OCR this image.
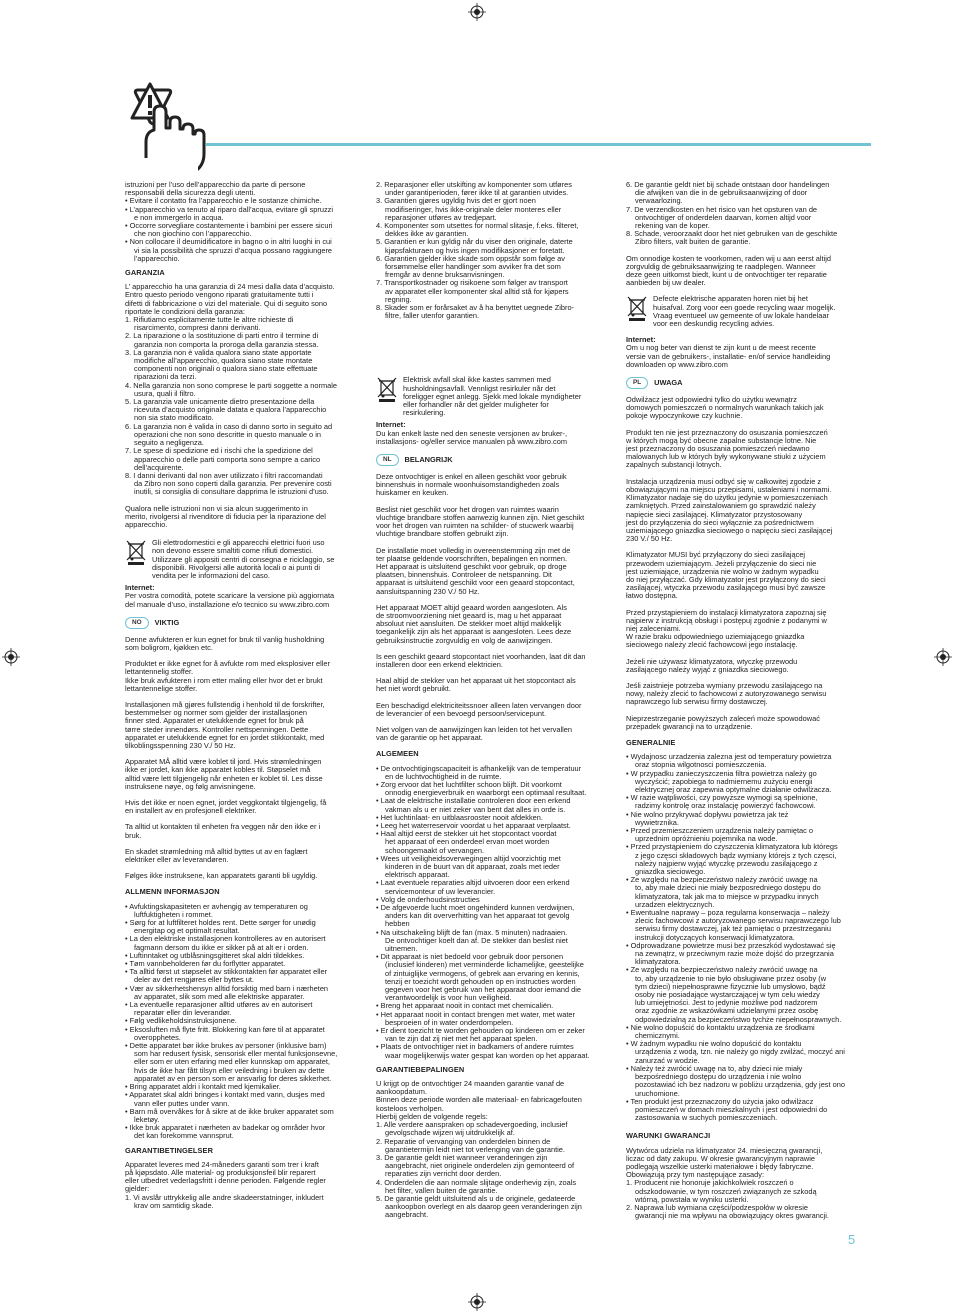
istruzioni per l’uso dell’apparecchio da parte di persone
responsabili della sicurezza degli utenti.
• Evitare il contatto fra l’apparecchio e le sostanze chimiche.
• L’apparecchio va tenuto al riparo dall’acqua, evitare gli spruzzi
e non immergerlo in acqua.
• Occorre sorvegliare costantemente i bambini per essere sicuri
che non giochino con l’apparecchio.
• Non collocare il deumidificatore in bagno o in altri luoghi in cui
vi sia la possibilità che spruzzi d’acqua possano raggiungere
l’apparecchio.
GARANZIA

L’ apparecchio ha una garanzia di 24 mesi dalla data d’acquisto.
Entro questo periodo vengono riparati gratuitamente tutti i
difetti di fabbricazione o vizi del materiale. Qui di seguito sono
riportate le condizioni della garanzia:

1. Rifiutiamo esplicitamente tutte le altre richieste di
risarcimento, compresi danni derivanti.
2. La riparazione o la sostituzione di parti entro il termine di
garanzia non comporta la proroga della garanzia stessa.
3. La garanzia non è valida qualora siano state apportate
modifiche all’apparecchio, qualora siano state montate
componenti non originali o qualora siano state effettuate
riparazioni da terzi.
4. Nella garanzia non sono comprese le parti soggette a normale
usura, quali il filtro.
5. La garanzia vale unicamente dietro presentazione della
ricevuta d’acquisto originale datata e qualora l’apparecchio
non sia stato modificato.
6. La garanzia non è valida in caso di danno sorto in seguito ad
operazioni che non sono descritte in questo manuale o in
seguito a negligenza.
7. Le spese di spedizione ed i rischi che la spedizione del
apparecchio o delle parti comporta sono sempre a carico
dell’acquirente.
8. I danni derivanti dal non aver utilizzato i filtri raccomandati
da Zibro non sono coperti dalla garanzia. Per prevenire costi
inutili, si consiglia di consultare dapprima le istruzioni d’uso.

Qualora nelle istruzioni non vi sia alcun suggerimento in
merito, rivolgersi al rivenditore di fiducia per la riparazione del
apparecchio.

Gli elettrodomestici e gli apparecchi elettrici fuori uso
non devono essere smaltiti come rifiuti domestici.
Utilizzare gli appositi centri di consegna e riciclaggio, se
disponibili. Rivolgersi alle autorità locali o ai punti di
vendita per le informazioni del caso.
Internet:

Per vostra comodità, potete scaricare la versione più aggiornata
del manuale d’uso, installazione e/o tecnico su www.zibro.com

NO	VIKTIG

Denne avfukteren er kun egnet for bruk til vanlig husholdning
som boligrom, kjøkken etc.

Produktet er ikke egnet for å avfukte rom med eksplosiver eller
lettantennelig stoffer.
Ikke bruk avfukteren i rom etter maling eller hvor det er brukt
lettantennelige stoffer.

Installasjonen må gjøres fullstendig i henhold til de forskrifter,
bestemmelser og normer som gjelder der installasjonen
finner sted. Apparatet er utelukkende egnet for bruk på
tørre steder innendørs. Kontroller nettspenningen. Dette
apparatet er utelukkende egnet for en jordet stikkontakt, med
tilkoblingsspenning 230 V./ 50 Hz.

Apparatet MÅ alltid være koblet til jord. Hvis strømledningen
ikke er jordet, kan ikke apparatet kobles til. Støpselet må
alltid være lett tilgjengelig når enheten er koblet til. Les disse
instruksene nøye, og følg anvisningene.

Hvis det ikke er noen egnet, jordet veggkontakt tilgjengelig, få
en installert av en profesjonell elektriker.

Ta alltid ut kontakten til enheten fra veggen når den ikke er i
bruk.

En skadet strømledning må alltid byttes ut av en faglært
elektriker eller av leverandøren.

Følges ikke instruksene, kan apparatets garanti bli ugyldig.

ALLMENN INFORMASJON
• Avfuktingskapasiteten er avhengig av temperaturen og
luftfuktigheten i rommet.
• Sørg for at luftfilteret holdes rent. Dette sørger for unødig
energitap og et optimalt resultat.
• La den elektriske installasjonen kontrolleres av en autorisert
fagmann dersom du ikke er sikker på at alt er i orden.
• Luftinntaket og utblåsningsgitteret skal aldri tildekkes.
• Tøm vannbeholderen før du forflytter apparatet.
• Ta alltid først ut støpselet av stikkontakten før apparatet eller
deler av det rengjøres eller byttes ut.
• Vær av sikkerhetshensyn alltid forsiktig med barn i nærheten
av apparatet, slik som med alle elektriske apparater.
• La eventuelle reparasjoner alltid utføres av en autorisert
reparatør eller din leverandør.
• Følg vedlikeholdsinstruksjonene.
• Eksosluften må flyte fritt. Blokkering kan føre til at apparatet
overopphetes.
• Dette apparatet bør ikke brukes av personer (inklusive barn)
som har redusert fysisk, sensorisk eller mental funksjonsevne,
eller som er uten erfaring med eller kunnskap om apparatet,
hvis de ikke har fått tilsyn eller veiledning i bruken av dette
apparatet av en person som er ansvarlig for deres sikkerhet.
• Bring apparatet aldri i kontakt med kjemikalier.
• Apparatet skal aldri bringes i kontakt med vann, dusjes med
vann eller puttes under vann.
• Barn må overvåkes for å sikre at de ikke bruker apparatet som
leketøy.
• Ikke bruk apparatet i nærheten av badekar og områder hvor
det kan forekomme vannsprut.
GARANTIBETINGELSER

Apparatet leveres med 24-måneders garanti som trer i kraft
på kjøpsdato. Alle material- og produksjonsfeil blir reparert
eller utbedret vederlagsfritt i denne perioden. Følgende regler
gjelder:

1. Vi avslår uttrykkelig alle andre skadeerstatninger, inkludert
krav om samtidig skade.
2. Reparasjoner eller utskifting av komponenter som utføres
under garantiperioden, fører ikke til at garantien utvides.
3. Garantien gjøres ugyldig hvis det er gjort noen
modifiseringer, hvis ikke-originale deler monteres eller
reparasjoner utføres av tredjepart.
4. Komponenter som utsettes for normal slitasje, f.eks. filteret,
dekkes ikke av garantien.
5. Garantien er kun gyldig når du viser den originale, daterte
kjøpsfakturaen og hvis ingen modifikasjoner er foretatt.
6. Garantien gjelder ikke skade som oppstår som følge av
forsømmelse eller handlinger som avviker fra det som
fremgår av denne bruksanvisningen.
7. Transportkostnader og risikoene som følger av transport
av apparatet eller komponenter skal alltid stå for kjøpers
regning.
8. Skader som er forårsaket av å ha benyttet uegnede Zibro-
filtre, faller utenfor garantien.
Elektrisk avfall skal ikke kastes sammen med
husholdningsavfall. Vennligst resirkuler når det
foreligger egnet anlegg. Sjekk med lokale myndigheter
eller forhandler når det gjelder muligheter for
resirkulering.
Internet:

Du kan enkelt laste ned den seneste versjonen av bruker-,
installasjons- og/eller service manualen på www.zibro.com

NL	BELANGRIJK

Deze ontvochtiger is enkel en alleen geschikt voor gebruik
binnenshuis in normale woonhuisomstandigheden zoals
huiskamer en keuken.

Beslist niet geschikt voor het drogen van ruimtes waarin
vluchtige brandbare stoffen aanwezig kunnen zijn. Niet geschikt
voor het drogen van ruimten na schilder- of stucwerk waarbij
vluchtige brandbare stoffen gebruikt zijn.

De installatie moet volledig in overeenstemming zijn met de
ter plaatse geldende voorschriften, bepalingen en normen.
Het apparaat is uitsluitend geschikt voor gebruik, op droge
plaatsen, binnenshuis. Controleer de netspanning. Dit
apparaat is uitsluitend geschikt voor een geaard stopcontact,
aansluitspanning 230 V./ 50 Hz.

Het apparaat MOET altijd geaard worden aangesloten. Als
de stroomvoorziening niet geaard is, mag u het apparaat
absoluut niet aansluiten. De stekker moet altijd makkelijk
toegankelijk zijn als het apparaat is aangesloten. Lees deze
gebruiksinstructie zorgvuldig en volg de aanwijzingen.

Is een geschikt geaard stopcontact niet voorhanden, laat dit dan
installeren door een erkend elektricien.

Haal altijd de stekker van het apparaat uit het stopcontact als
het niet wordt gebruikt.

Een beschadigd elektriciteitssnoer alleen laten vervangen door
de leverancier of een bevoegd persoon/servicepunt.

Niet volgen van de aanwijzingen kan leiden tot het vervallen
van de garantie op het apparaat.

ALGEMEEN
• De ontvochtigingscapaciteit is afhankelijk van de temperatuur
en de luchtvochtigheid in de ruimte.
• Zorg ervoor dat het luchtfilter schoon blijft. Dit voorkomt
onnodig energieverbruik en waarborgt een optimaal resultaat.
• Laat de elektrische installatie controleren door een erkend
vakman als u er niet zeker van bent dat alles in orde is.
• Het luchtinlaat- en uitblaasrooster nooit afdekken.
• Leeg het waterreservoir voordat u het apparaat verplaatst.
• Haal altijd eerst de stekker uit het stopcontact voordat
het apparaat of een onderdeel ervan moet worden
schoongemaakt of vervangen.
• Wees uit veiligheidsoverwegingen altijd voorzichtig met
kinderen in de buurt van dit apparaat, zoals met ieder
elektrisch apparaat.
• Laat eventuele reparaties altijd uitvoeren door een erkend
servicemonteur of uw leverancier.
• Volg de onderhoudsinstructies
• De afgevoerde lucht moet ongehinderd kunnen verdwijnen,
anders kan dit oververhitting van het apparaat tot gevolg
hebben
• Na uitschakeling blijft de fan (max. 5 minuten) nadraaien.
De ontvochtiger koelt dan af. De stekker dan beslist niet
uitnemen.
• Dit apparaat is niet bedoeld voor gebruik door personen
(inclusief kinderen) met verminderde lichamelijke, geestelijke
of zintuiglijke vermogens, of gebrek aan ervaring en kennis,
tenzij er toezicht wordt gehouden op en instructies worden
gegeven voor het gebruik van het apparaat door iemand die
verantwoordelijk is voor hun veiligheid.
• Breng het apparaat nooit in contact met chemicaliën.
• Het apparaat nooit in contact brengen met water, met water
besproeien of in water onderdompelen.
• Er dient toezicht te worden gehouden op kinderen om er zeker
van te zijn dat zij niet met het apparaat spelen.
• Plaats de ontvochtiger niet in badkamers of andere ruimtes
waar mogelijkerwijs water gespat kan worden op het apparaat.
GARANTIEBEPALINGEN

U krijgt op de ontvochtiger 24 maanden garantie vanaf de
aankoopdatum.
Binnen deze periode worden alle materiaal- en fabricagefouten
kosteloos verholpen.
Hierbij gelden de volgende regels:

1. Alle verdere aanspraken op schadevergoeding, inclusief
gevolgschade wijzen wij uitdrukkelijk af.
2. Reparatie of vervanging van onderdelen binnen de
garantietermijn leidt niet tot verlenging van de garantie.
3. De garantie geldt niet wanneer veranderingen zijn
aangebracht, niet originele onderdelen zijn gemonteerd of
reparaties zijn verricht door derden.
4. Onderdelen die aan normale slijtage onderhevig zijn, zoals
het filter, vallen buiten de garantie.
5. De garantie geldt uitsluitend als u de originele, gedateerde
aankoopbon overlegt en als daarop geen veranderingen zijn
aangebracht.
6. De garantie geldt niet bij schade ontstaan door handelingen
die afwijken van die in de gebruiksaanwijzing of door
verwaarlozing.
7. De verzendkosten en het risico van het opsturen van de
ontvochtiger of onderdelen daarvan, komen altijd voor
rekening van de koper.
8. Schade, veroorzaakt door het niet gebruiken van de geschikte
Zibro filters, valt buiten de garantie.

Om onnodige kosten te voorkomen, raden wij u aan eerst altijd
zorgvuldig de gebruiksaanwijzing te raadplegen. Wanneer
deze geen uitkomst biedt, kunt u de ontvochtiger ter reparatie
aanbieden bij uw dealer.

Defecte elektrische apparaten horen niet bij het
huisafval. Zorg voor een goede recycling waar mogelijk.
Vraag eventueel uw gemeente of uw lokale handelaar
voor een deskundig recycling advies.
Internet:

Om u nog beter van dienst te zijn kunt u de meest recente
versie van de gebruikers-, installatie- en/of service handleiding
downloaden op www.zibro.com

PL	UWAGA

Odwilżacz jest odpowiedni tylko do użytku wewnątrz
domowych pomieszczeń o normalnych warunkach takich jak
pokoje wypoczynkowe czy kuchnie.

Produkt ten nie jest przeznaczony do osuszania pomieszczeń
w których mogą być obecne zapalne substancje lotne. Nie
jest przeznaczony do osuszania pomieszczeń niedawno
malowanych lub w których były wykonywane stiuki z użyciem
zapalnych substancji lotnych.

Instalacja urządzenia musi odbyć się w całkowitej zgodzie z
obowiązującymi na miejscu przepisami, ustaleniami i normami.
Klimatyzator nadaje się do użytku jedynie w pomieszczeniach
zamkniętych. Przed zainstalowaniem go sprawdzić należy
napięcie sieci zasilającej. Klimatyzator przystosowany
jest do przyłączenia do sieci wyłącznie za pośrednictwem
uziemiającego gniazdka sieciowego o napięciu sieci zasilającej
230 V./ 50 Hz.

Klimatyzator MUSI być przyłączony do sieci zasilającej
przewodem uziemiającym. Jeżeli przyłączenie do sieci nie
jest uziemiające, urządzenia nie wolno w żadnym wypadku
do niej przyłączać. Gdy klimatyzator jest przyłączony do sieci
zasilającej, wtyczka przewodu zasilającego musi być zawsze
łatwo dostępna.

Przed przystąpieniem do instalacji klimatyzatora zapoznaj się
najpierw z instrukcją obsługi i postępuj zgodnie z podanymi w
niej zaleceniami.
W razie braku odpowiedniego uziemiającego gniazdka
sieciowego należy zlecić fachowcowi jego instalację.

Jeżeli nie używasz klimatyzatora, wtyczkę przewodu
zasilającego należy wyjąć z gniazdka sieciowego.

Jeśli zaistnieje potrzeba wymiany przewodu zasilającego na
nowy, należy zlecić to fachowcowi z autoryzowanego serwisu
naprawczego lub serwisu firmy dostawczej.

Nieprzestrzeganie powyższych zaleceń może spowodować
przepadek gwarancji na to urządzenie.

GENERALNIE
• Wydajnosc urzadzenia zalezna jest od temperatury powietrza
oraz stopnia wilgotnosci pomieszczenia.
• W przypadku zanieczyszczenia filtra powietrza należy go
wyczyścić; zapobiega to nadmiernemu zużyciu energii
elektrycznej oraz zapewnia optymalne działanie odwilżacza.
• W razie wątpliwości, czy powyższe wymogi są spełnione,
radzimy kontrolę oraz instalację powierzyć fachowcowi.
• Nie wolno przykrywać dopływu powietrza jak też
wywietrznika.
• Przed przemieszczeniem urządzenia należy pamiętac o
uprzednim opróżnieniu pojemnika na wode.
• Przed przystąpieniem do czyszczenia klimatyzatora lub któregs
z jego częsci składowych bądz wymiany którejs z tych częsci,
należy najpierw wyjąć wtyczkę przewodu zasilającego z
gniazdka sieciowego.
• Ze względu na bezpieczeństwo należy zwrócić uwagę na
to, aby małe dzieci nie miały bezposredniego dostępu do
klimatyzatora, tak jak ma to miejsce w przypadku innych
urzadzen elektrycznych.
• Ewentualne naprawy – poza regularna konserwacja – należy
zlecic fachowcowi z autoryzowanego serwisu naprawczego lub
serwisu firmy dostawczej, jak też pamiętac o przestrzeganiu
instrukcji dotyczących konserwacji klimatyzatora.
• Odprowadzane powietrze musi bez przeszkód wydostawać się
na zewnątrz, w przeciwnym razie może dojść do przegrzania
klimatyzatora.
• Ze względu na bezpieczeństwo należy zwrócić uwagę na
to, aby urządzenie to nie było obsługiwane przez osoby (w
tym dzieci) niepełnosprawne fizycznie lub umysłowo, bądź
osoby nie posiadające wystarczającej w tym celu wiedzy
lub umiejętności. Jest to jedynie możliwe pod nadzorem
oraz zgodnie ze wskazówkami udzielanymi przez osobę
odpowiedzialną za bezpieczeństwo tychże niepełnosprawnych.
• Nie wolno dopuścić do kontaktu urządzenia ze środkami
chemicznymi.
• W żadnym wypadku nie wolno dopuścić do kontaktu
urządzenia z wodą, tzn. nie należy go nigdy zwilżać, moczyć ani
zanurzać w wodzie.
• Należy też zwrócić uwagę na to, aby dzieci nie miały
bezpośredniego dostępu do urządzenia i nie wolno
pozostawiać ich bez nadzoru w pobliżu urządzenia, gdy jest ono
uruchomione.
• Ten produkt jest przeznaczony do użycia jako odwilżacz
pomieszczeń w domach mieszkalnych i jest odpowiedni do
zastosowania w suchych pomieszczeniach.
WARUNKI GWARANCJI

Wytwórca udziela na klimatyzator 24. miesięczną gwarancji,
liczac od daty zakupu. W okresie gwarancyjnym naprawie
podlegają wszelkie usterki materiałowe i błędy fabryczne.
Obowiązują przy tym następujące zasady:

1. Producent nie honoruje jakichkolwiek roszczeń o
odszkodowanie, w tym roszczeń związanych ze szkodą
wtórną, powstała w wyniku usterki.
2. Naprawa lub wymiana części/podzespołów w okresie
gwarancji nie ma wpływu na obowiązujący okres gwarancji.
5
